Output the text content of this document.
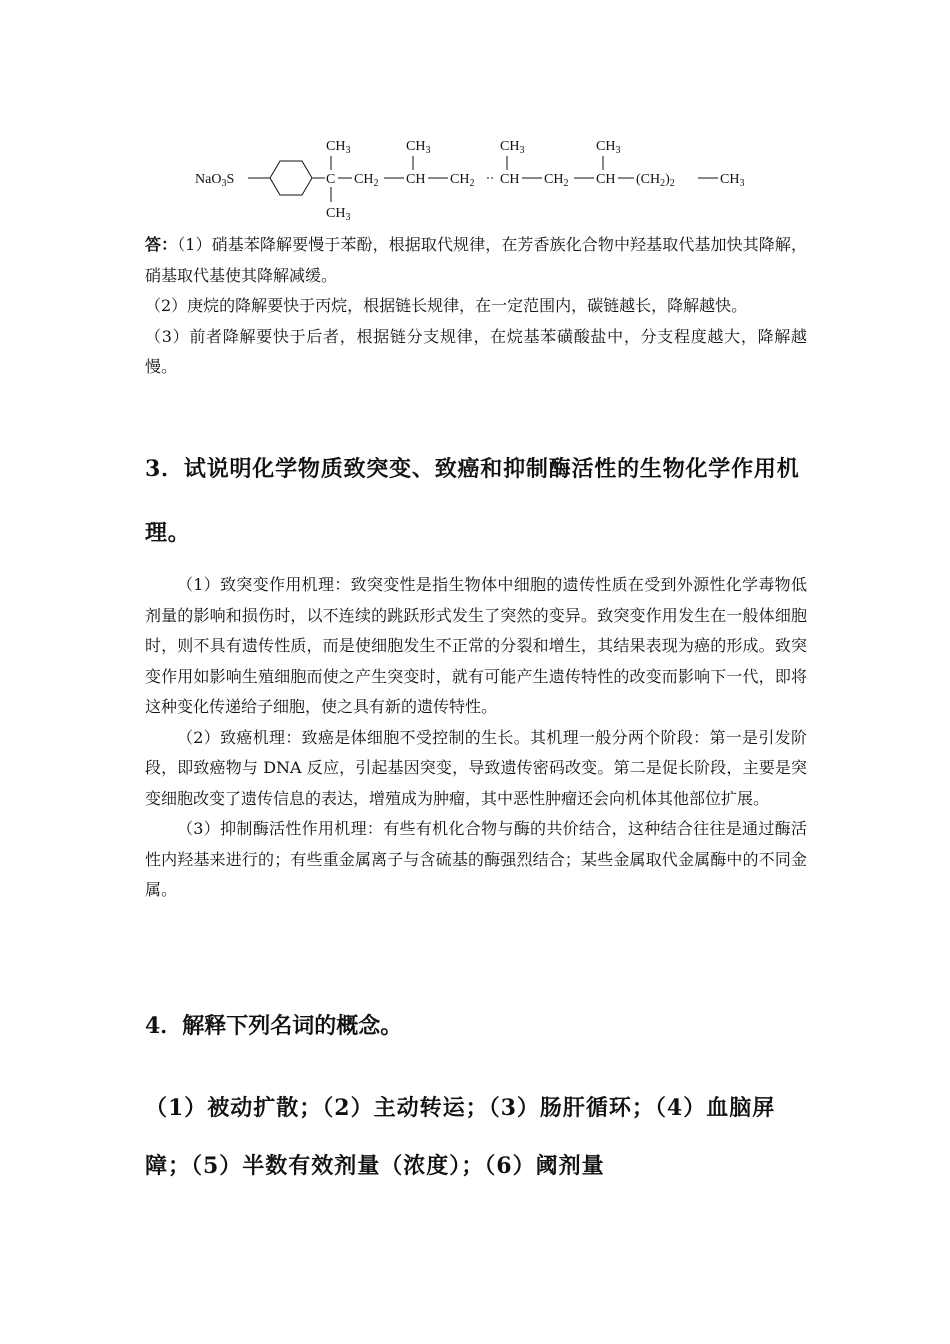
NaO$_3$S
$CH_3$
C
$CH_3$
$CH_2$
$CH_3$
CH $CH_2$
$CH_3$
CH $CH_2$
$CH_3$
CH $(CH_2)_2$	$CH_3$

答：（1）硝基苯降解要慢于苯酚，根据取代规律，在芳香族化合物中羟基取代基加快其降解，硝基取代基使其降解减缓。

（2）庚烷的降解要快于丙烷，根据链长规律，在一定范围内，碳链越长，降解越快。

（3）前者降解要快于后者，根据链分支规律，在烷基苯磺酸盐中，分支程度越大，降解越慢。

3．试说明化学物质致突变、致癌和抑制酶活性的生物化学作用机理。

（1）致突变作用机理：致突变性是指生物体中细胞的遗传性质在受到外源性化学毒物低剂量的影响和损伤时，以不连续的跳跃形式发生了突然的变异。致突变作用发生在一般体细胞时，则不具有遗传性质，而是使细胞发生不正常的分裂和增生，其结果表现为癌的形成。致突变作用如影响生殖细胞而使之产生突变时，就有可能产生遗传特性的改变而影响下一代，即将这种变化传递给子细胞，使之具有新的遗传特性。

（2）致癌机理：致癌是体细胞不受控制的生长。其机理一般分两个阶段：第一是引发阶段，即致癌物与 DNA 反应，引起基因突变，导致遗传密码改变。第二是促长阶段，主要是突变细胞改变了遗传信息的表达，增殖成为肿瘤，其中恶性肿瘤还会向机体其他部位扩展。

（3）抑制酶活性作用机理：有些有机化合物与酶的共价结合，这种结合往往是通过酶活性内羟基来进行的；有些重金属离子与含硫基的酶强烈结合；某些金属取代金属酶中的不同金属。

4．解释下列名词的概念。
（1）被动扩散；（2）主动转运；（3）肠肝循环；（4）血脑屏障；（5）半数有效剂量（浓度）；（6）阈剂量
